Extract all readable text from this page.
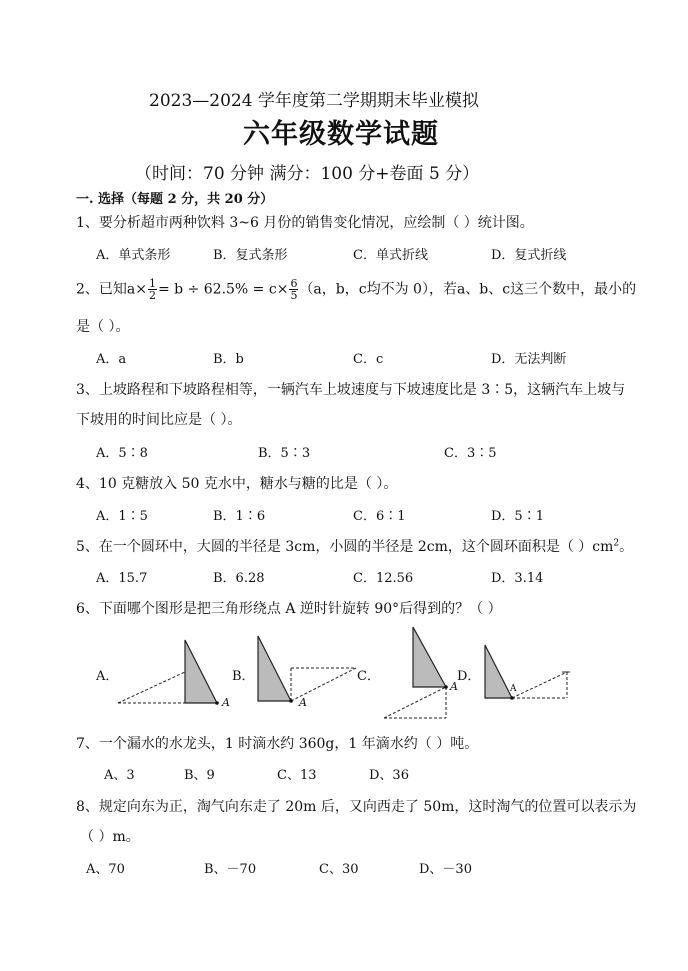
2023—2024 学年度第二学期期末毕业模拟
六年级数学试题
（时间：70 分钟 满分：100 分+卷面 5 分）
一. 选择（每题 2 分，共 20 分）
1、要分析超市两种饮料 3~6 月份的销售变化情况，应绘制（ ）统计图。
A．单式条形	B．复式条形	C．单式折线	D．复式折线
2、已知$a\times \frac{1}{2} = b \div 62.5\% = c\times \frac{6}{5} (a$，b，c均不为 0），若a、b、c这三个数中，最小的
是（ ）。
A．a	B．b	C．c	D．无法判断
3、上坡路程和下坡路程相等，一辆汽车上坡速度与下坡速度比是 3∶5，这辆汽车上坡与
下坡用的时间比应是（ ）。
A．5∶8	B．5∶3	C．3∶5
4、10 克糖放入 50 克水中，糖水与糖的比是（ ）。
A．1∶5	B．1∶6	C．6∶1	D．5∶1
5、在一个圆环中，大圆的半径是 3cm，小圆的半径是 2cm，这个圆环面积是（ ）$cm^2$。
A．15.7	B．6.28	C．12.56	D．3.14
6、下面哪个图形是把三角形绕点 A 逆时针旋转 90°后得到的？（ ）
A．	B．	C．	D．
A	A
A	A
7、一个漏水的水龙头，1 时滴水约 360g，1 年滴水约（ ）吨。
A、3	B、9	C、13	D、36
8、规定向东为正，淘气向东走了 20m 后，又向西走了 50m，这时淘气的位置可以表示为
（ ）m。
A、70	B、－70	C、30	D、－30
